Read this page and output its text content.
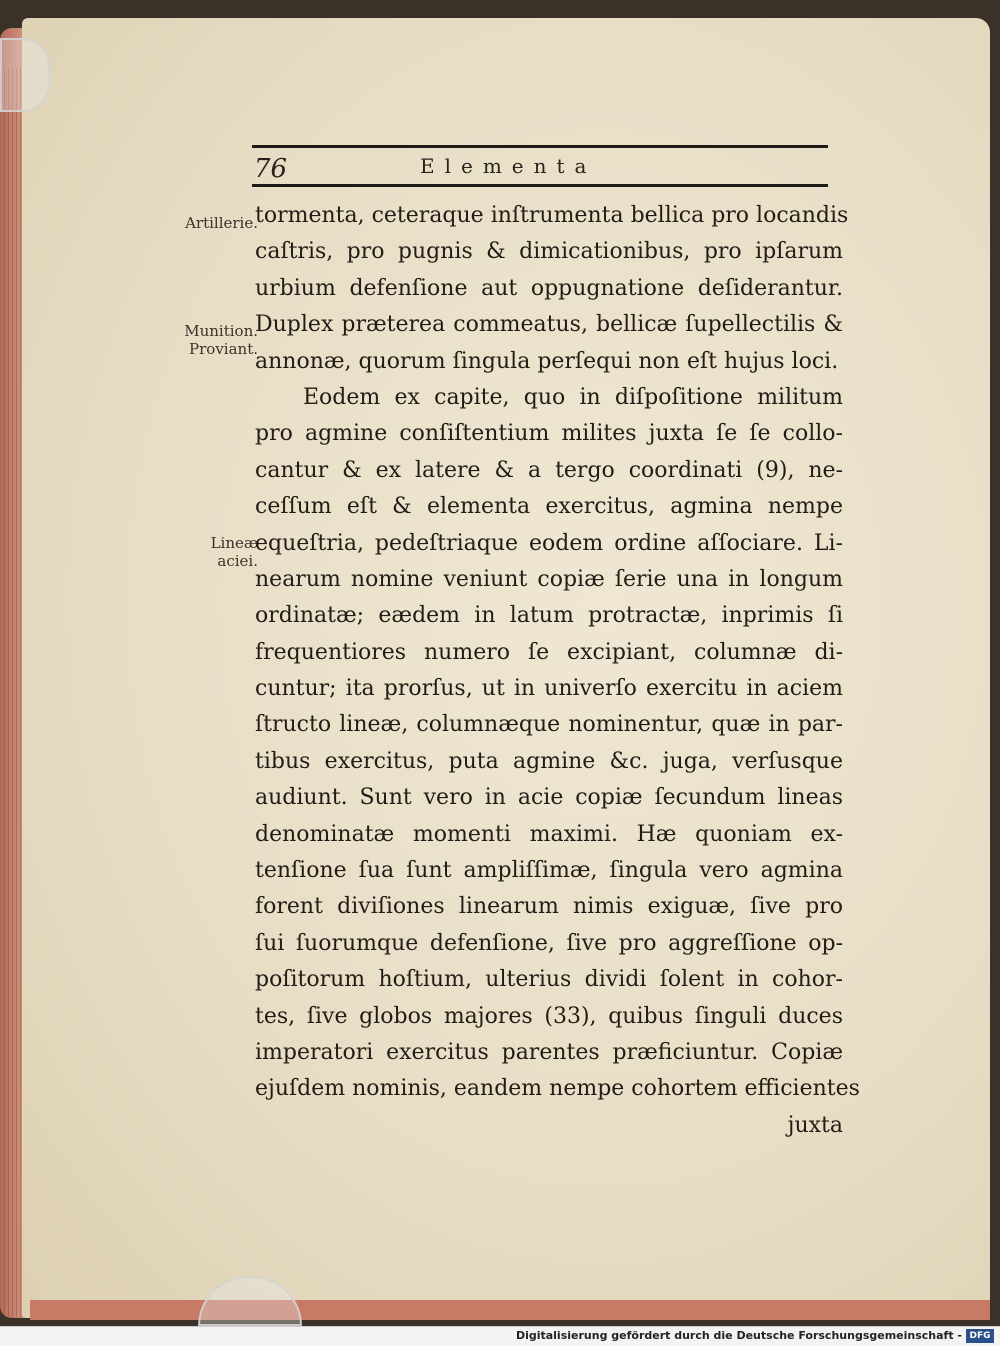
76	Elementa
Artillerie.
Munition.
Proviant.
Lineæ
aciei.
tormenta, ceteraque inſtrumenta bellica pro locandis
caſtris, pro pugnis & dimicationibus, pro ipſarum
urbium defenſione aut oppugnatione deſiderantur.
Duplex præterea commeatus, bellicæ ſupellectilis &
annonæ, quorum ſingula perſequi non eſt hujus loci.
Eodem ex capite, quo in diſpoſitione militum
pro agmine conſiſtentium milites juxta ſe ſe collo-
cantur & ex latere & a tergo coordinati (9), ne-
ceſſum eſt & elementa exercitus, agmina nempe
equeſtria, pedeſtriaque eodem ordine aſſociare. Li-
nearum nomine veniunt copiæ ſerie una in longum
ordinatæ; eædem in latum protractæ, inprimis ſi
frequentiores numero ſe excipiant, columnæ di-
cuntur; ita prorſus, ut in univerſo exercitu in aciem
ſtructo lineæ, columnæque nominentur, quæ in par-
tibus exercitus, puta agmine &c. juga, verſusque
audiunt. Sunt vero in acie copiæ ſecundum lineas
denominatæ momenti maximi. Hæ quoniam ex-
tenſione ſua ſunt ampliſſimæ, ſingula vero agmina
forent diviſiones linearum nimis exiguæ, ſive pro
ſui ſuorumque defenſione, ſive pro aggreſſione op-
poſitorum hoſtium, ulterius dividi ſolent in cohor-
tes, ſive globos majores (33), quibus ſinguli duces
imperatori exercitus parentes præficiuntur. Copiæ
ejuſdem nominis, eandem nempe cohortem efficientes
juxta
Digitalisierung gefördert durch die Deutsche Forschungsgemeinschaft - DFG
